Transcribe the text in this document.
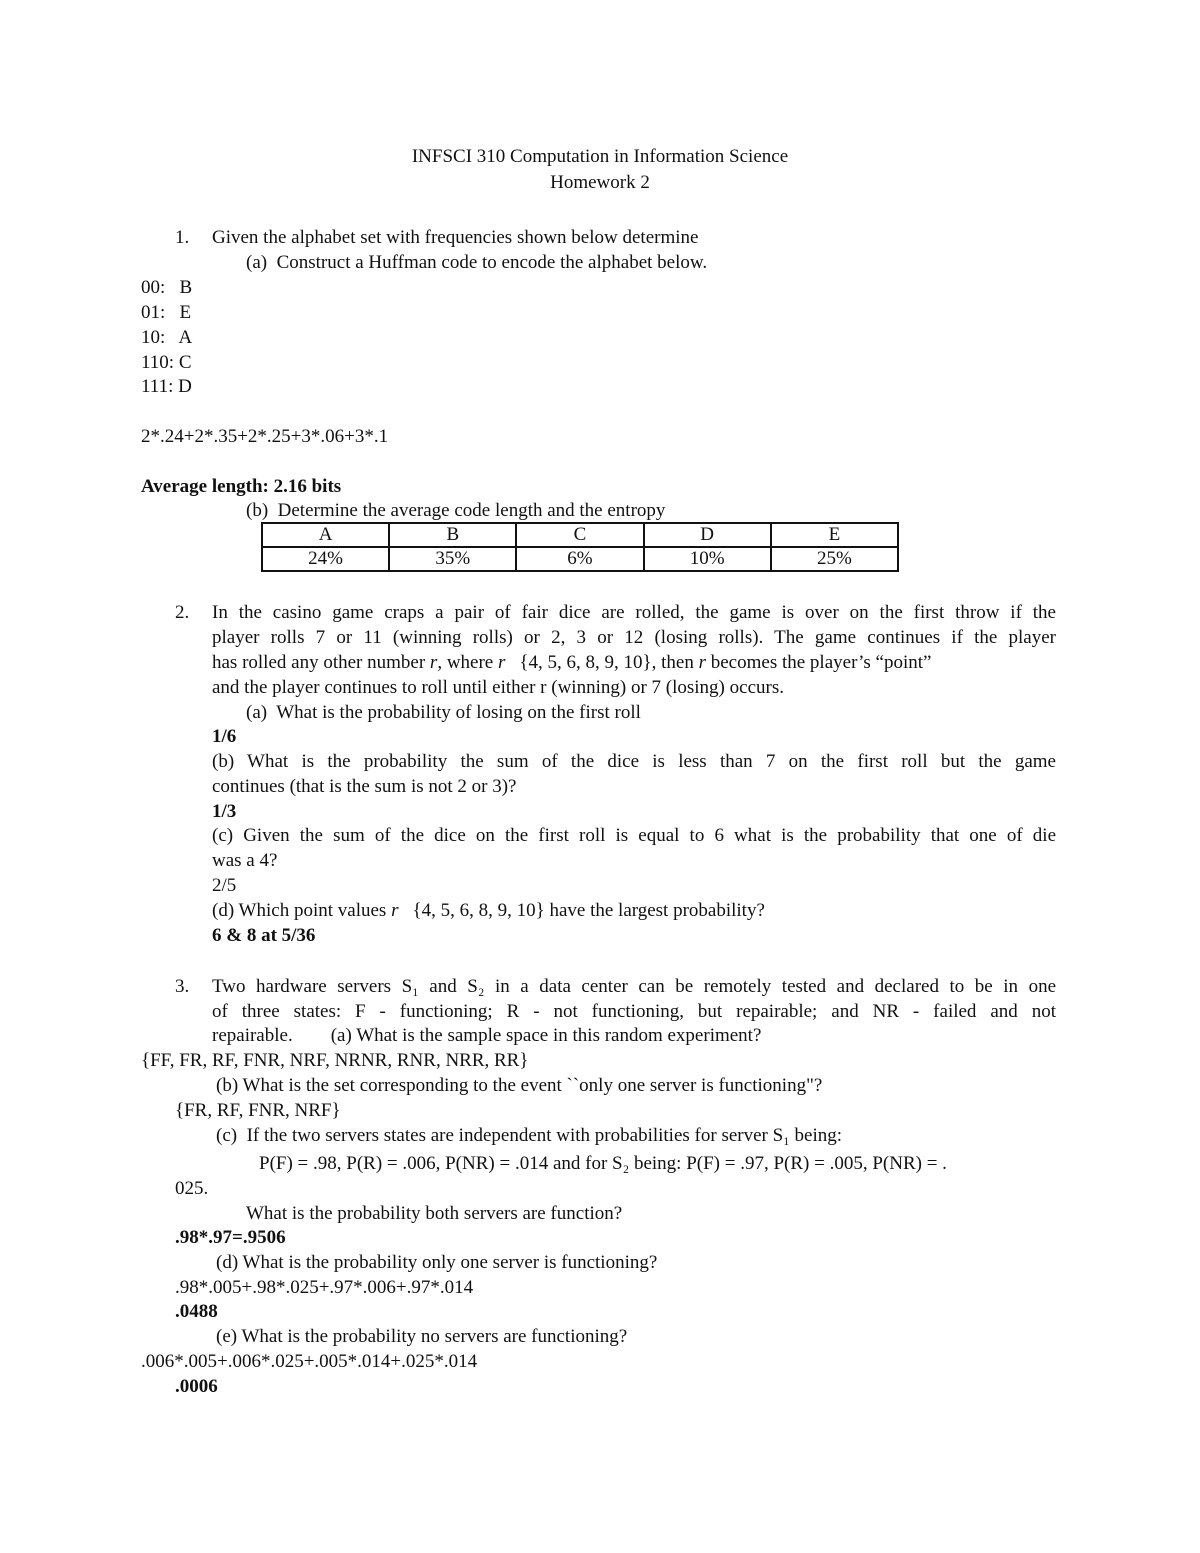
INFSCI 310 Computation in Information Science
Homework 2
1. Given the alphabet set with frequencies shown below determine
(a)  Construct a Huffman code to encode the alphabet below.
00:   B
01:   E
10:   A
110: C
111: D
2*.24+2*.35+2*.25+3*.06+3*.1
Average length: 2.16 bits
(b)  Determine the average code length and the entropy
A	B	C	D	E
24%	35%	6%	10%	25%
2. In the casino game craps a pair of fair dice are rolled, the game is over on the first throw if the
player rolls 7 or 11 (winning rolls) or 2, 3 or 12 (losing rolls). The game continues if the player
has rolled any other number r, where r {4, 5, 6, 8, 9, 10}, then r becomes the player’s “point”
and the player continues to roll until either r (winning) or 7 (losing) occurs.
(a)  What is the probability of losing on the first roll
1/6
(b) What is the probability the sum of the dice is less than 7 on the first roll but the game
continues (that is the sum is not 2 or 3)?
1/3
(c) Given the sum of the dice on the first roll is equal to 6 what is the probability that one of die
was a 4?
2/5
(d) Which point values r {4, 5, 6, 8, 9, 10} have the largest probability?
6 & 8 at 5/36
3. Two hardware servers S₁ and S₂ in a data center can be remotely tested and declared to be in one
of three states: F - functioning; R - not functioning, but repairable; and NR - failed and not
repairable.        (a) What is the sample space in this random experiment?
{FF, FR, RF, FNR, NRF, NRNR, RNR, NRR, RR}
(b) What is the set corresponding to the event ``only one server is functioning"?
{FR, RF, FNR, NRF}
(c)  If the two servers states are independent with probabilities for server S₁ being:
P(F) = .98, P(R) = .006, P(NR) = .014 and for S₂ being: P(F) = .97, P(R) = .005, P(NR) = .
025.
What is the probability both servers are function?
.98*.97=.9506
(d) What is the probability only one server is functioning?
.98*.005+.98*.025+.97*.006+.97*.014
.0488
(e) What is the probability no servers are functioning?
.006*.005+.006*.025+.005*.014+.025*.014
.0006
